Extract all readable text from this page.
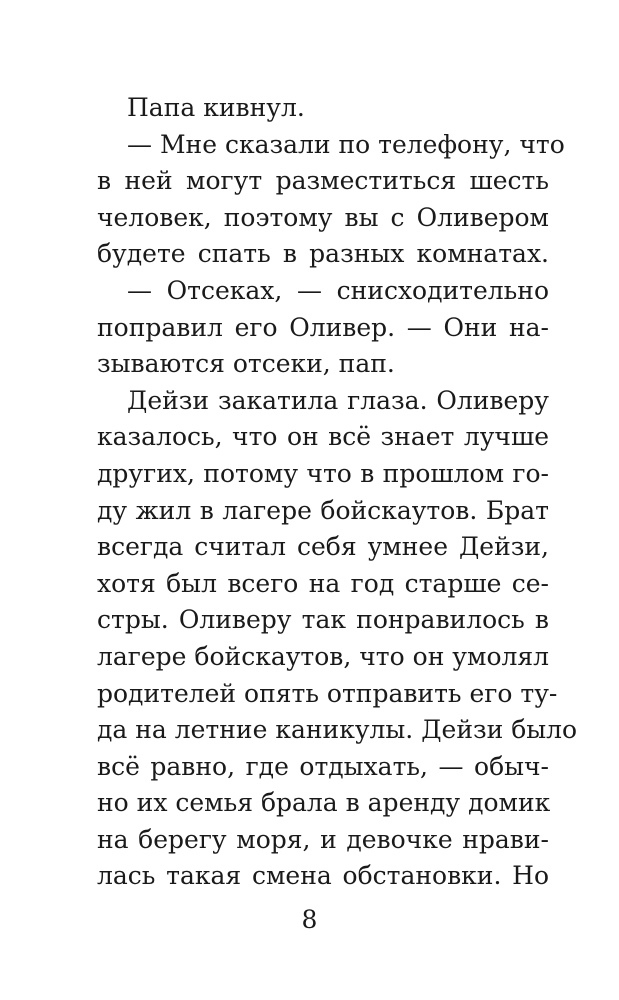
Папа кивнул.
— Мне сказали по телефону, что
в ней могут разместиться шесть
человек, поэтому вы с Оливером
будете спать в разных комнатах.
— Отсеках, — снисходительно
поправил его Оливер. — Они на-
зываются отсеки, пап.
Дейзи закатила глаза. Оливеру
казалось, что он всё знает лучше
других, потому что в прошлом го-
ду жил в лагере бойскаутов. Брат
всегда считал себя умнее Дейзи,
хотя был всего на год старше се-
стры. Оливеру так понравилось в
лагере бойскаутов, что он умолял
родителей опять отправить его ту-
да на летние каникулы. Дейзи было
всё равно, где отдыхать, — обыч-
но их семья брала в аренду домик
на берегу моря, и девочке нрави-
лась такая смена обстановки. Но
8
